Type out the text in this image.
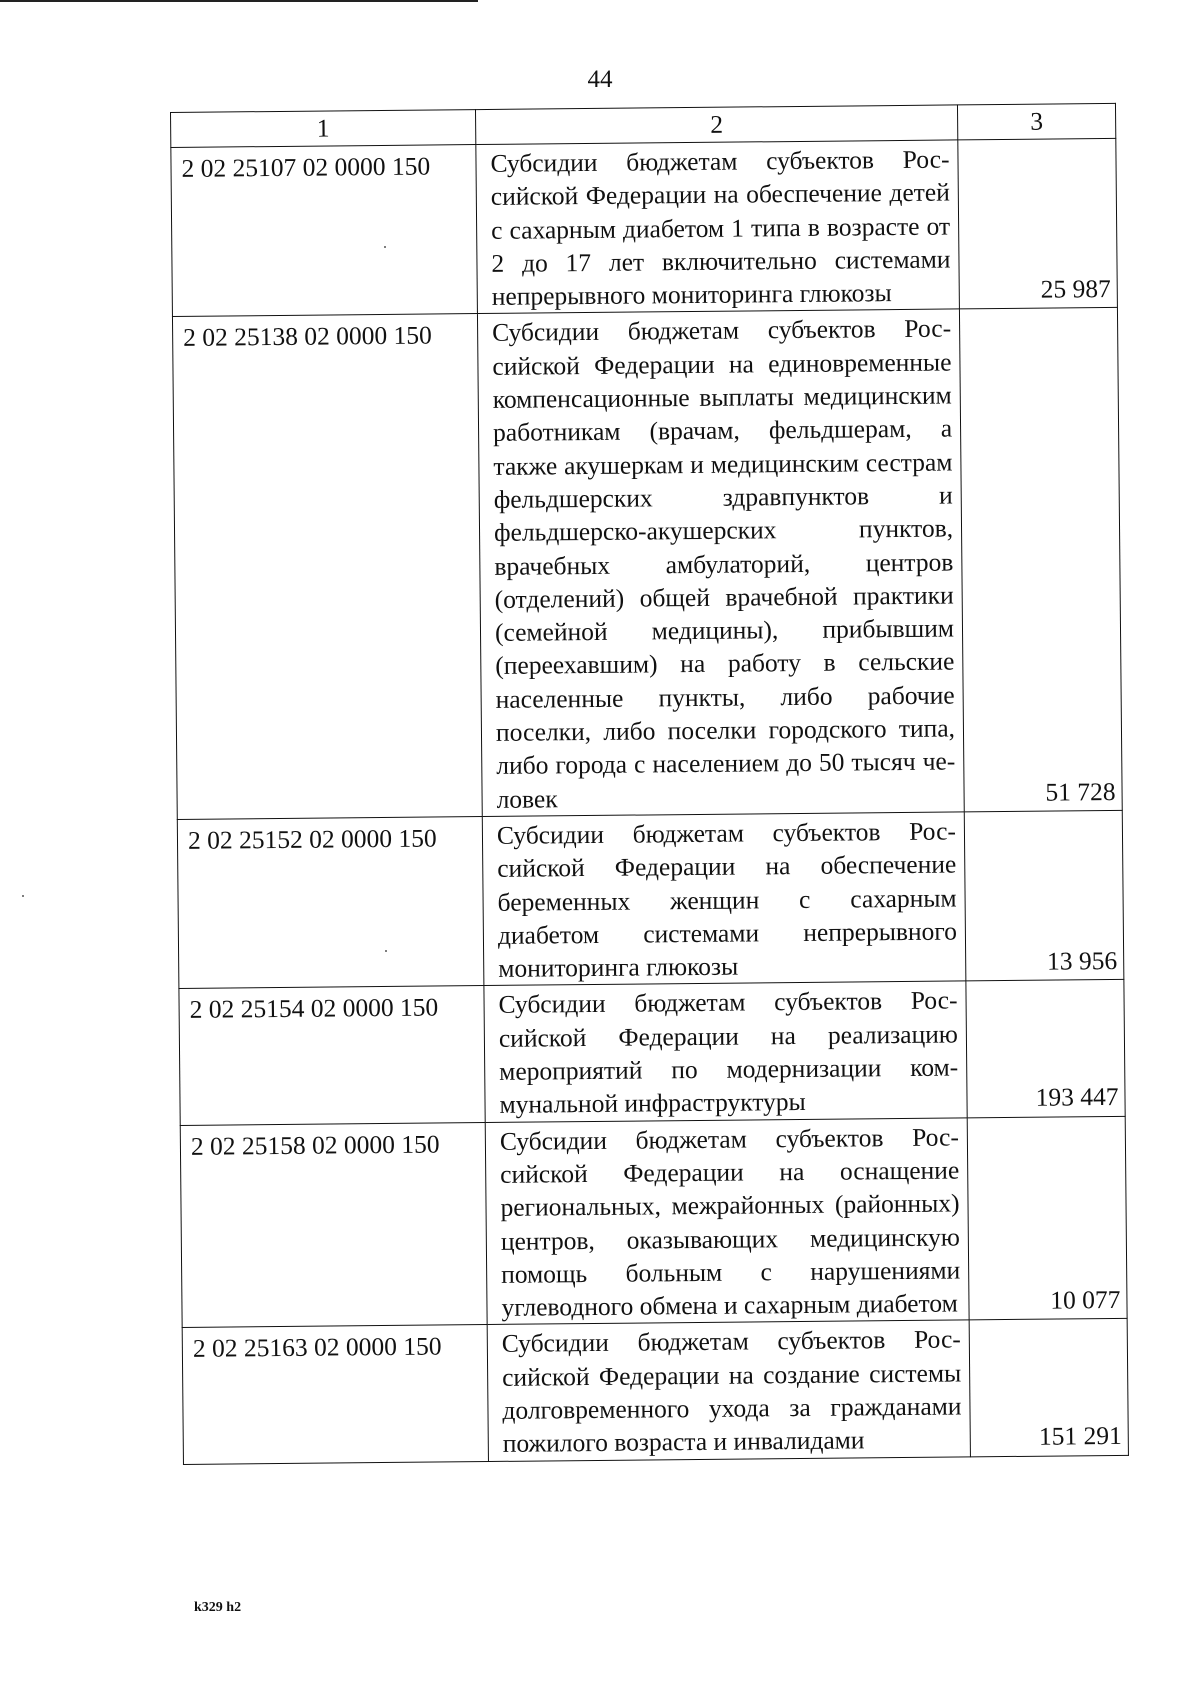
44
1	2	3
2 02 25107 02 0000 150	Субсидии бюджетам субъектов Российской Федерации на обеспечение детей с сахарным диабетом 1 типа в возрасте от 2 до 17 лет включительно системами непрерывного мониторинга глюкозы	25 987
2 02 25138 02 0000 150	Субсидии бюджетам субъектов Российской Федерации на единовременные компенсационные выплаты медицинским работникам (врачам, фельдшерам, а также акушеркам и медицинским сестрам фельдшерских здравпунктов и фельдшерско-акушерских пунктов, врачебных амбулаторий, центров (отделений) общей врачебной практики (семейной медицины), прибывшим (переехавшим) на работу в сельские населенные пункты, либо рабочие поселки, либо поселки городского типа, либо города с населением до 50 тысяч человек	51 728
2 02 25152 02 0000 150	Субсидии бюджетам субъектов Российской Федерации на обеспечение беременных женщин с сахарным диабетом системами непрерывного мониторинга глюкозы	13 956
2 02 25154 02 0000 150	Субсидии бюджетам субъектов Российской Федерации на реализацию мероприятий по модернизации коммунальной инфраструктуры	193 447
2 02 25158 02 0000 150	Субсидии бюджетам субъектов Российской Федерации на оснащение региональных, межрайонных (районных) центров, оказывающих медицинскую помощь больным с нарушениями углеводного обмена и сахарным диабетом	10 077
2 02 25163 02 0000 150	Субсидии бюджетам субъектов Российской Федерации на создание системы долговременного ухода за гражданами пожилого возраста и инвалидами	151 291
k329 h2
